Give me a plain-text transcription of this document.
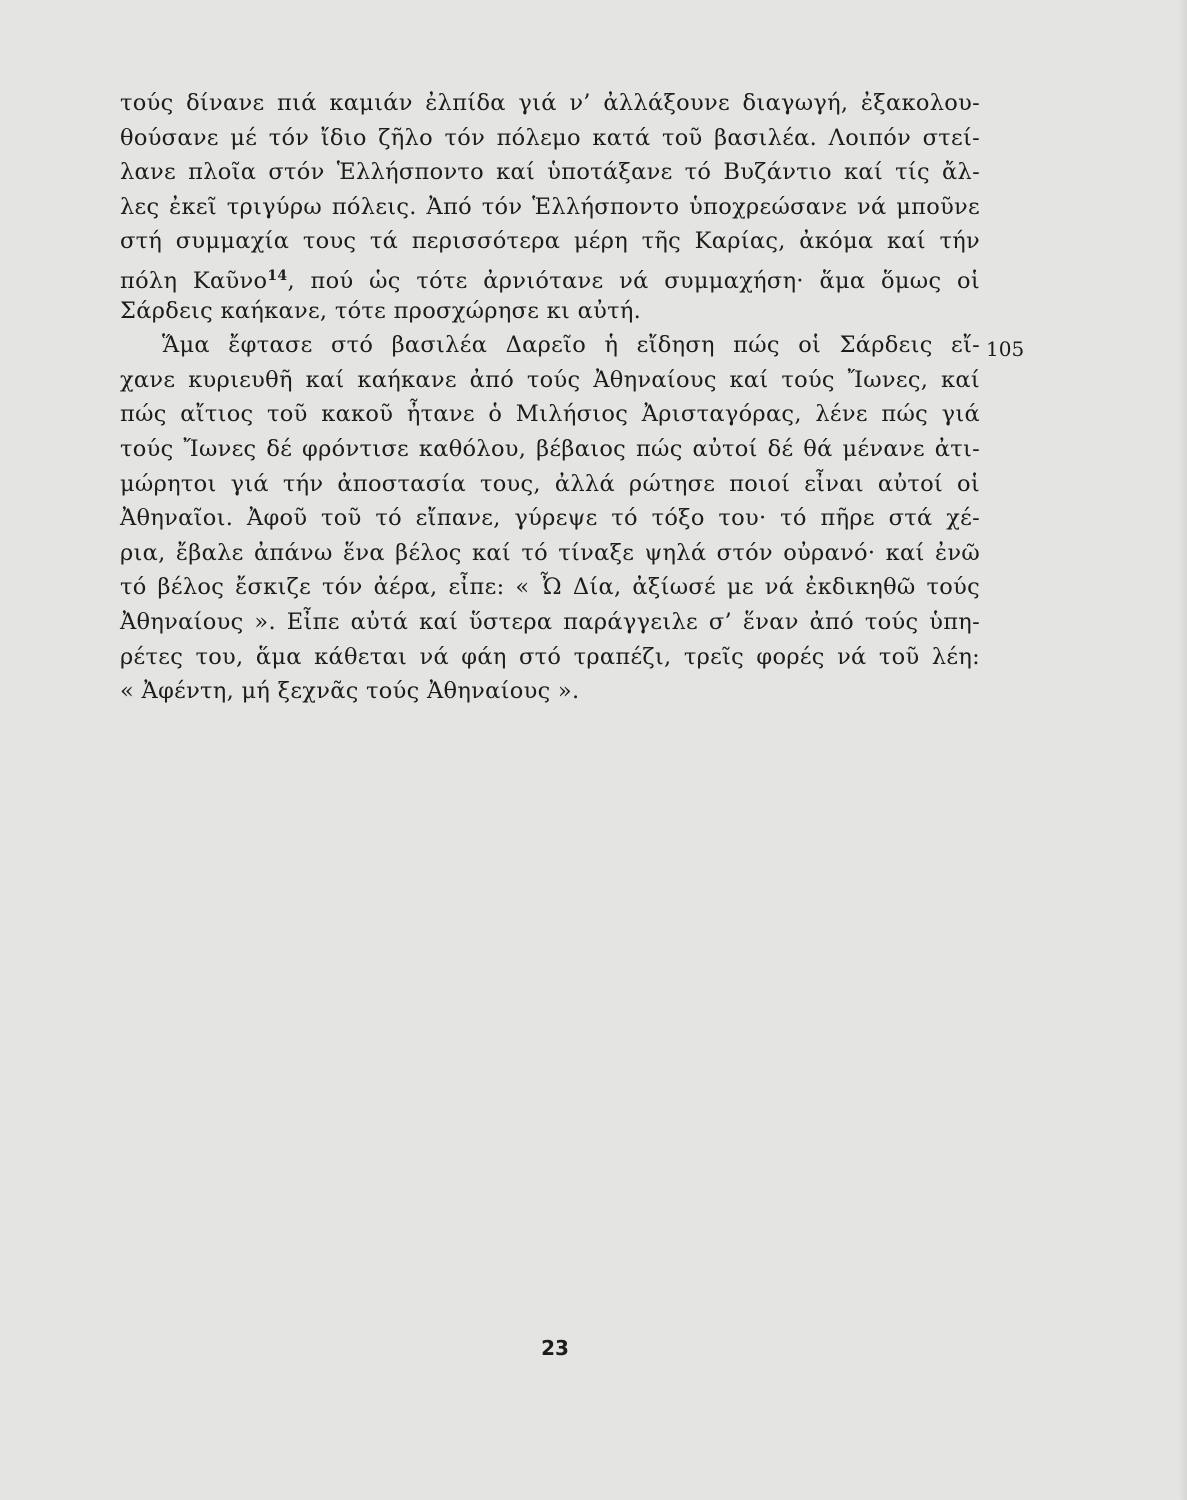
τούς δίνανε πιά καμιάν ἐλπίδα γιά ν’ ἀλλάξουνε διαγωγή, ἐξακολου-
θούσανε μέ τόν ἴδιο ζῆλο τόν πόλεμο κατά τοῦ βασιλέα. Λοιπόν στεί-
λανε πλοῖα στόν Ἑλλήσποντο καί ὑποτάξανε τό Βυζάντιο καί τίς ἄλ-
λες ἐκεῖ τριγύρω πόλεις. Ἀπό τόν Ἑλλήσποντο ὑποχρεώσανε νά μποῦνε
στή συμμαχία τους τά περισσότερα μέρη τῆς Καρίας, ἀκόμα καί τήν
πόλη Καῦνο$^{14}$, πού ὡς τότε ἀρνιότανε νά συμμαχήση· ἅμα ὅμως οἱ
Σάρδεις καήκανε, τότε προσχώρησε κι αὐτή.
Ἅμα ἔφτασε στό βασιλέα Δαρεῖο ἡ εἴδηση πώς οἱ Σάρδεις εἴ-
χανε κυριευθῆ καί καήκανε ἀπό τούς Ἀθηναίους καί τούς Ἴωνες, καί
πώς αἴτιος τοῦ κακοῦ ἦτανε ὁ Μιλήσιος Ἀρισταγόρας, λένε πώς γιά
τούς Ἴωνες δέ φρόντισε καθόλου, βέβαιος πώς αὐτοί δέ θά μένανε ἀτι-
μώρητοι γιά τήν ἀποστασία τους, ἀλλά ρώτησε ποιοί εἶναι αὐτοί οἱ
Ἀθηναῖοι. Ἀφοῦ τοῦ τό εἴπανε, γύρεψε τό τόξο του· τό πῆρε στά χέ-
ρια, ἔβαλε ἀπάνω ἕνα βέλος καί τό τίναξε ψηλά στόν οὐρανό· καί ἐνῶ
τό βέλος ἔσκιζε τόν ἀέρα, εἶπε: « Ὦ Δία, ἀξίωσέ με νά ἐκδικηθῶ τούς
Ἀθηναίους ». Εἶπε αὐτά καί ὕστερα παράγγειλε σ’ ἕναν ἀπό τούς ὑπη-
ρέτες του, ἅμα κάθεται νά φάη στό τραπέζι, τρεῖς φορές νά τοῦ λέη:
« Ἀφέντη, μή ξεχνᾶς τούς Ἀθηναίους ».
105
23
